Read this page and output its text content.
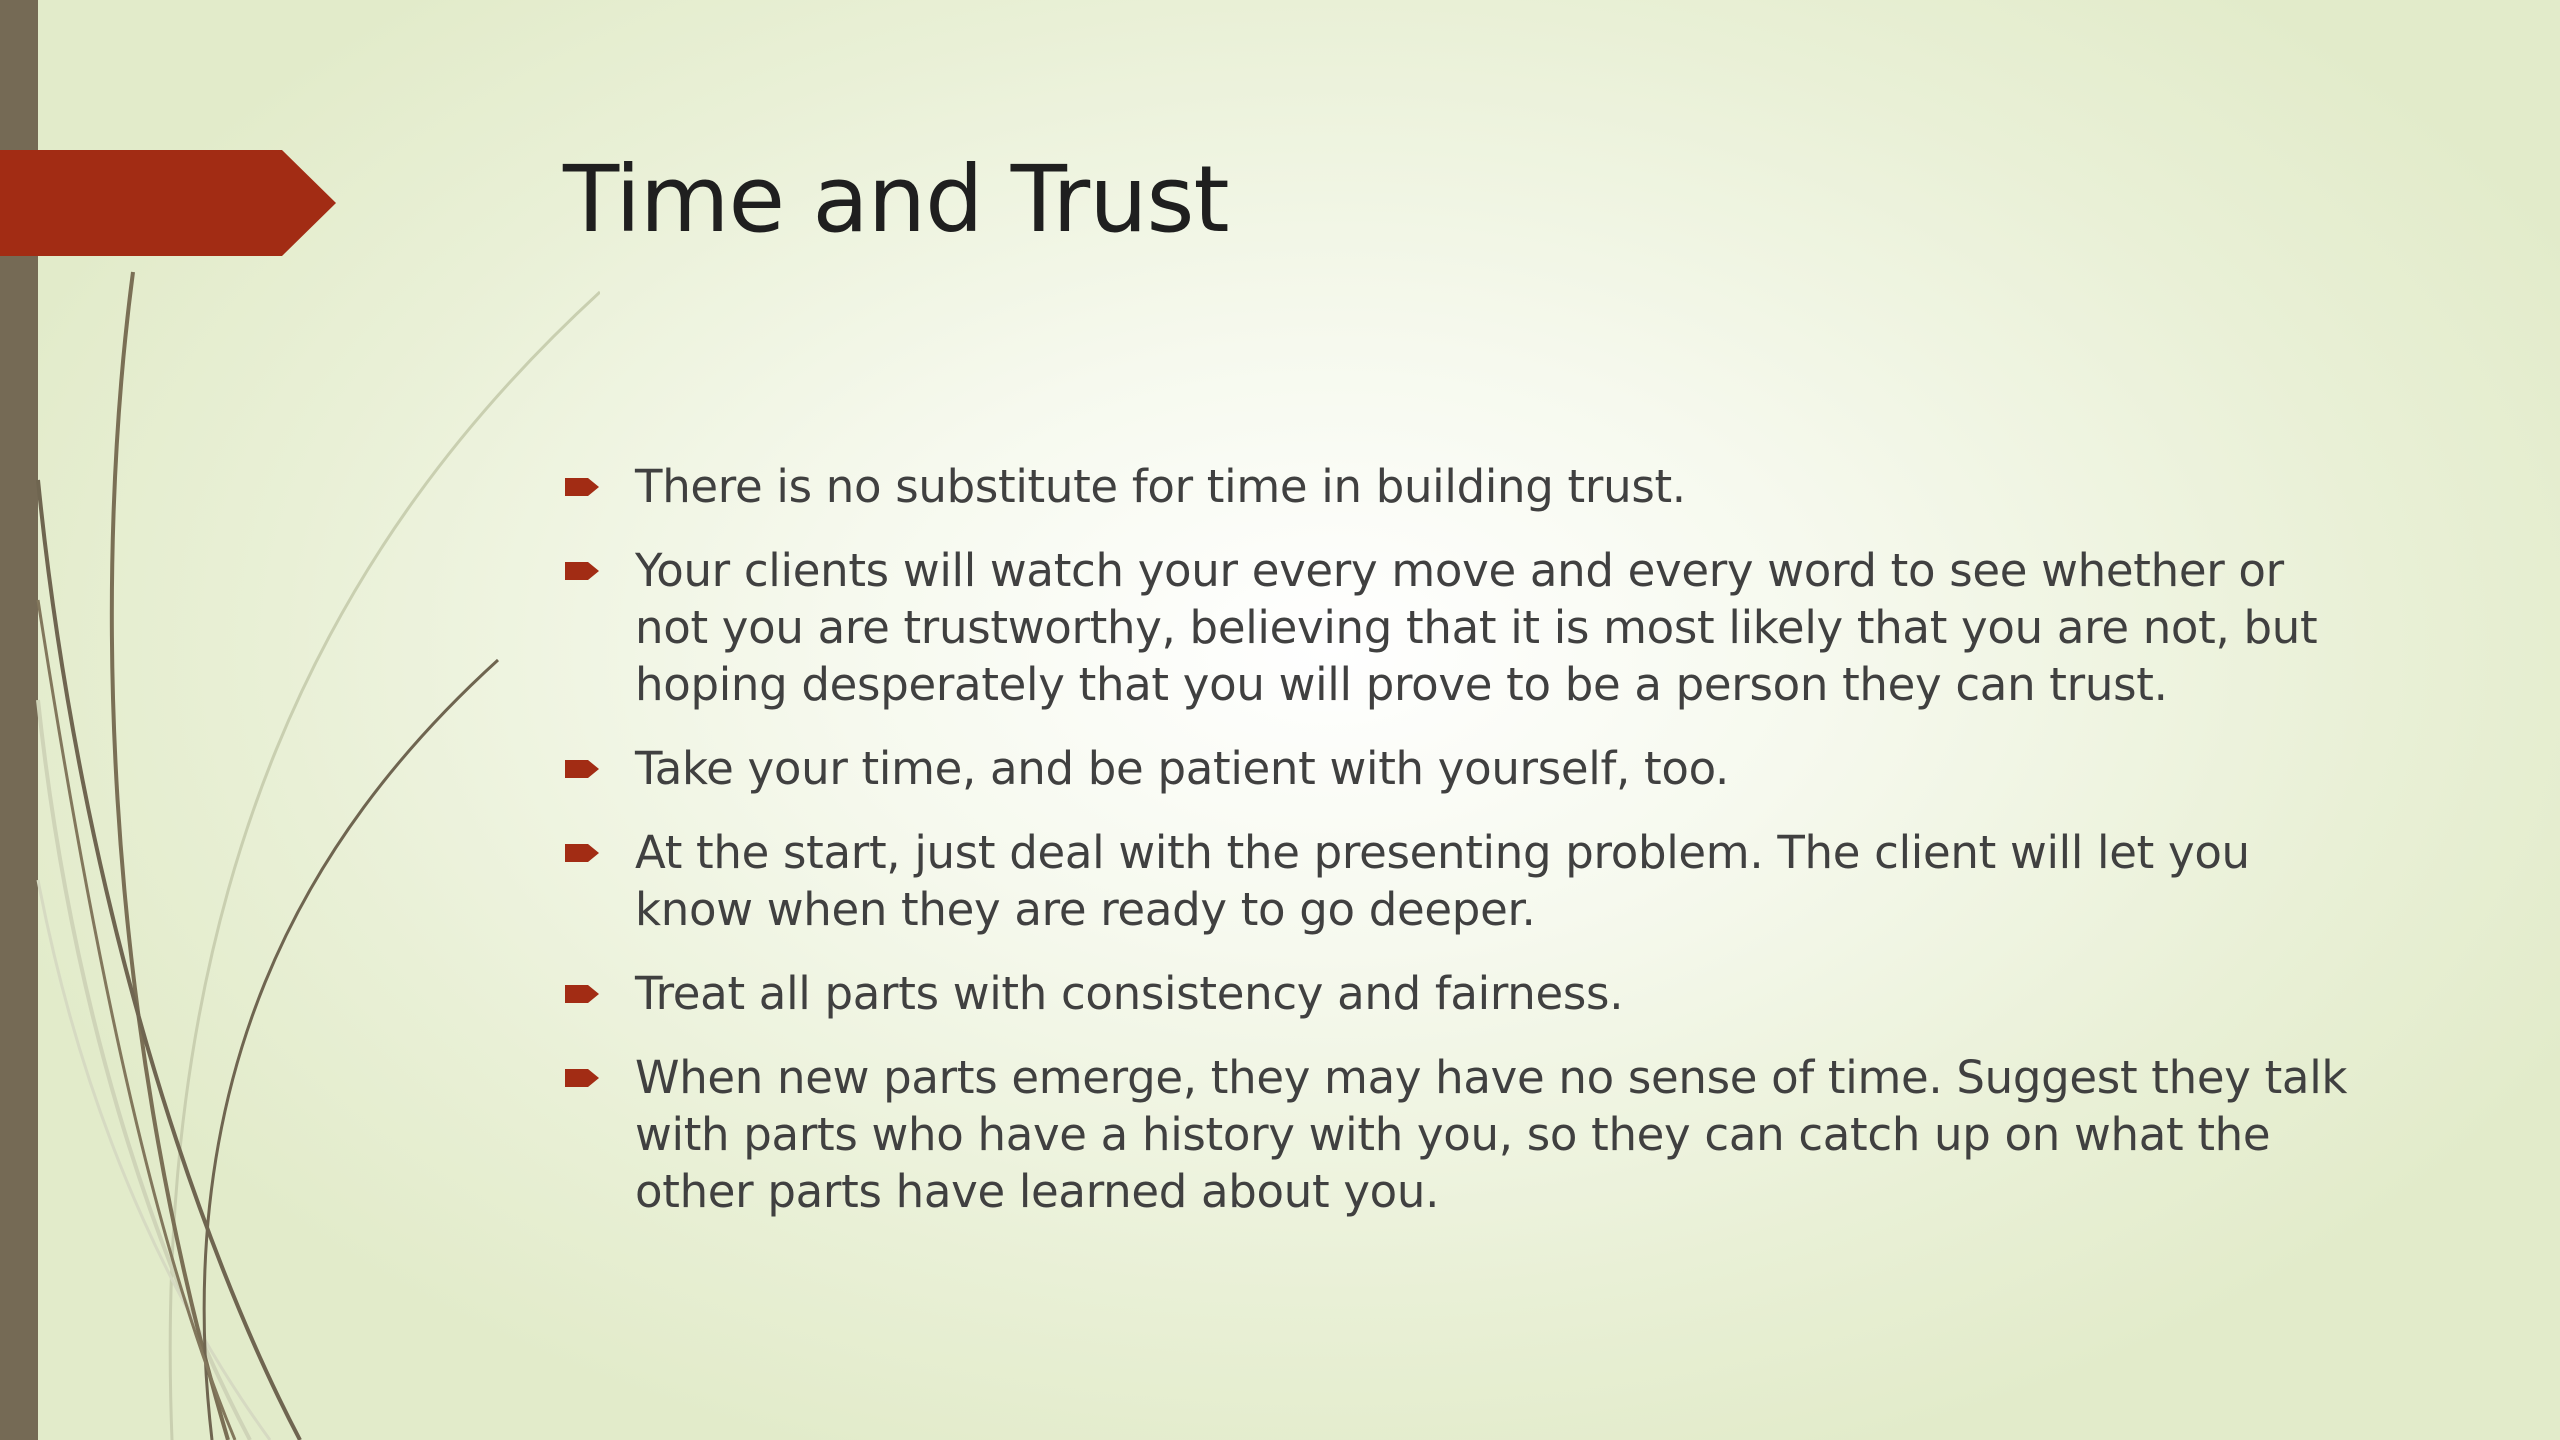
Time and Trust
There is no substitute for time in building trust.
Your clients will watch your every move and every word to see whether or not you are trustworthy, believing that it is most likely that you are not, but hoping desperately that you will prove to be a person they can trust.
Take your time, and be patient with yourself, too.
At the start, just deal with the presenting problem. The client will let you know when they are ready to go deeper.
Treat all parts with consistency and fairness.
When new parts emerge, they may have no sense of time. Suggest they talk with parts who have a history with you, so they can catch up on what the other parts have learned about you.
